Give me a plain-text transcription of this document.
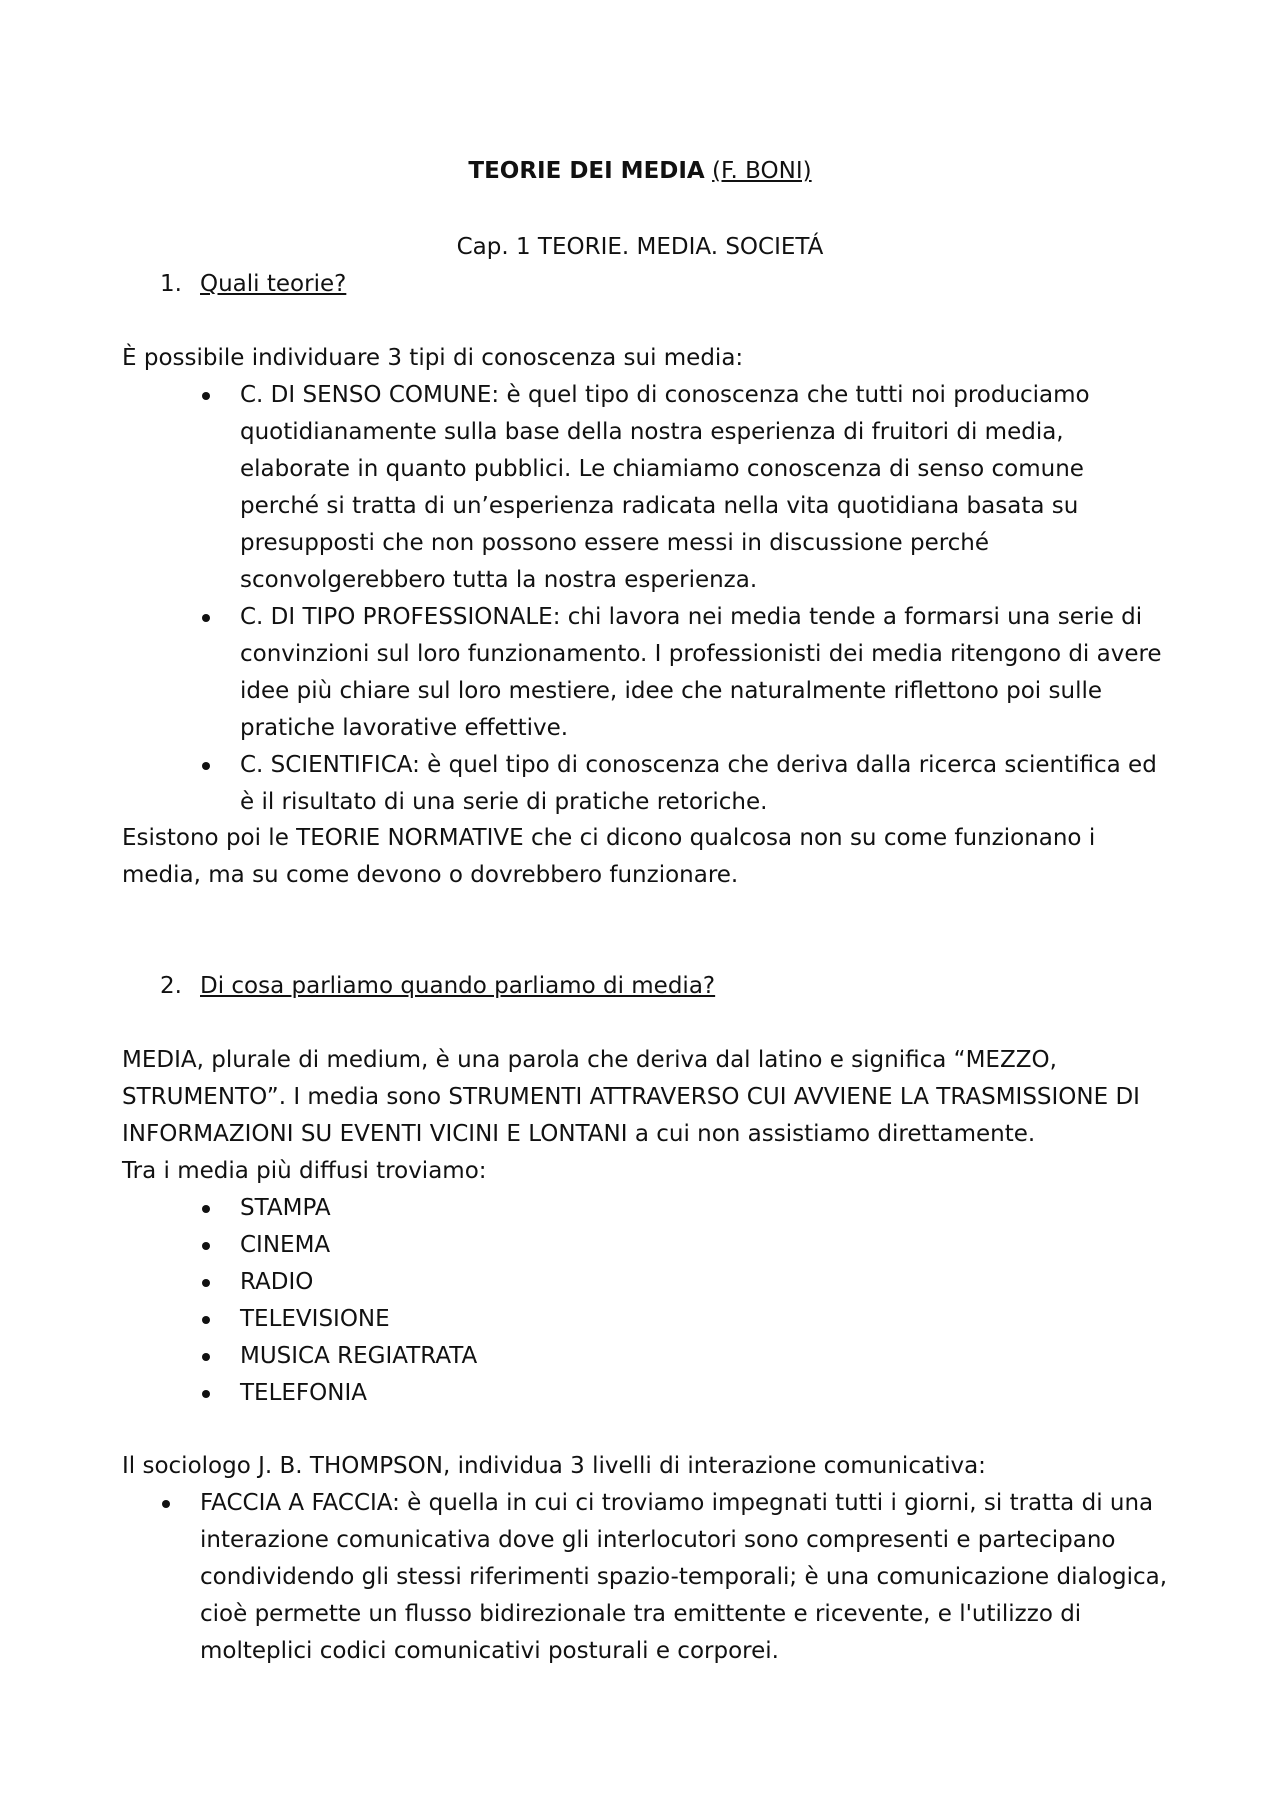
TEORIE DEI MEDIA (F. BONI)
Cap. 1 TEORIE. MEDIA. SOCIETÁ
1. Quali teorie?
È possibile individuare 3 tipi di conoscenza sui media:
C. DI SENSO COMUNE: è quel tipo di conoscenza che tutti noi produciamo quotidianamente sulla base della nostra esperienza di fruitori di media, elaborate in quanto pubblici. Le chiamiamo conoscenza di senso comune perché si tratta di un’esperienza radicata nella vita quotidiana basata su presupposti che non possono essere messi in discussione perché sconvolgerebbero tutta la nostra esperienza.
C. DI TIPO PROFESSIONALE: chi lavora nei media tende a formarsi una serie di convinzioni sul loro funzionamento. I professionisti dei media ritengono di avere idee più chiare sul loro mestiere, idee che naturalmente riflettono poi sulle pratiche lavorative effettive.
C. SCIENTIFICA: è quel tipo di conoscenza che deriva dalla ricerca scientifica ed è il risultato di una serie di pratiche retoriche.
Esistono poi le TEORIE NORMATIVE che ci dicono qualcosa non su come funzionano i media, ma su come devono o dovrebbero funzionare.
2. Di cosa parliamo quando parliamo di media?
MEDIA, plurale di medium, è una parola che deriva dal latino e significa “MEZZO, STRUMENTO”. I media sono STRUMENTI ATTRAVERSO CUI AVVIENE LA TRASMISSIONE DI INFORMAZIONI SU EVENTI VICINI E LONTANI a cui non assistiamo direttamente.
Tra i media più diffusi troviamo:
STAMPA
CINEMA
RADIO
TELEVISIONE
MUSICA REGIATRATA
TELEFONIA
Il sociologo J. B. THOMPSON, individua 3 livelli di interazione comunicativa:
FACCIA A FACCIA: è quella in cui ci troviamo impegnati tutti i giorni, si tratta di una interazione comunicativa dove gli interlocutori sono compresenti e partecipano condividendo gli stessi riferimenti spazio-temporali; è una comunicazione dialogica, cioè permette un flusso bidirezionale tra emittente e ricevente, e l'utilizzo di molteplici codici comunicativi posturali e corporei.
